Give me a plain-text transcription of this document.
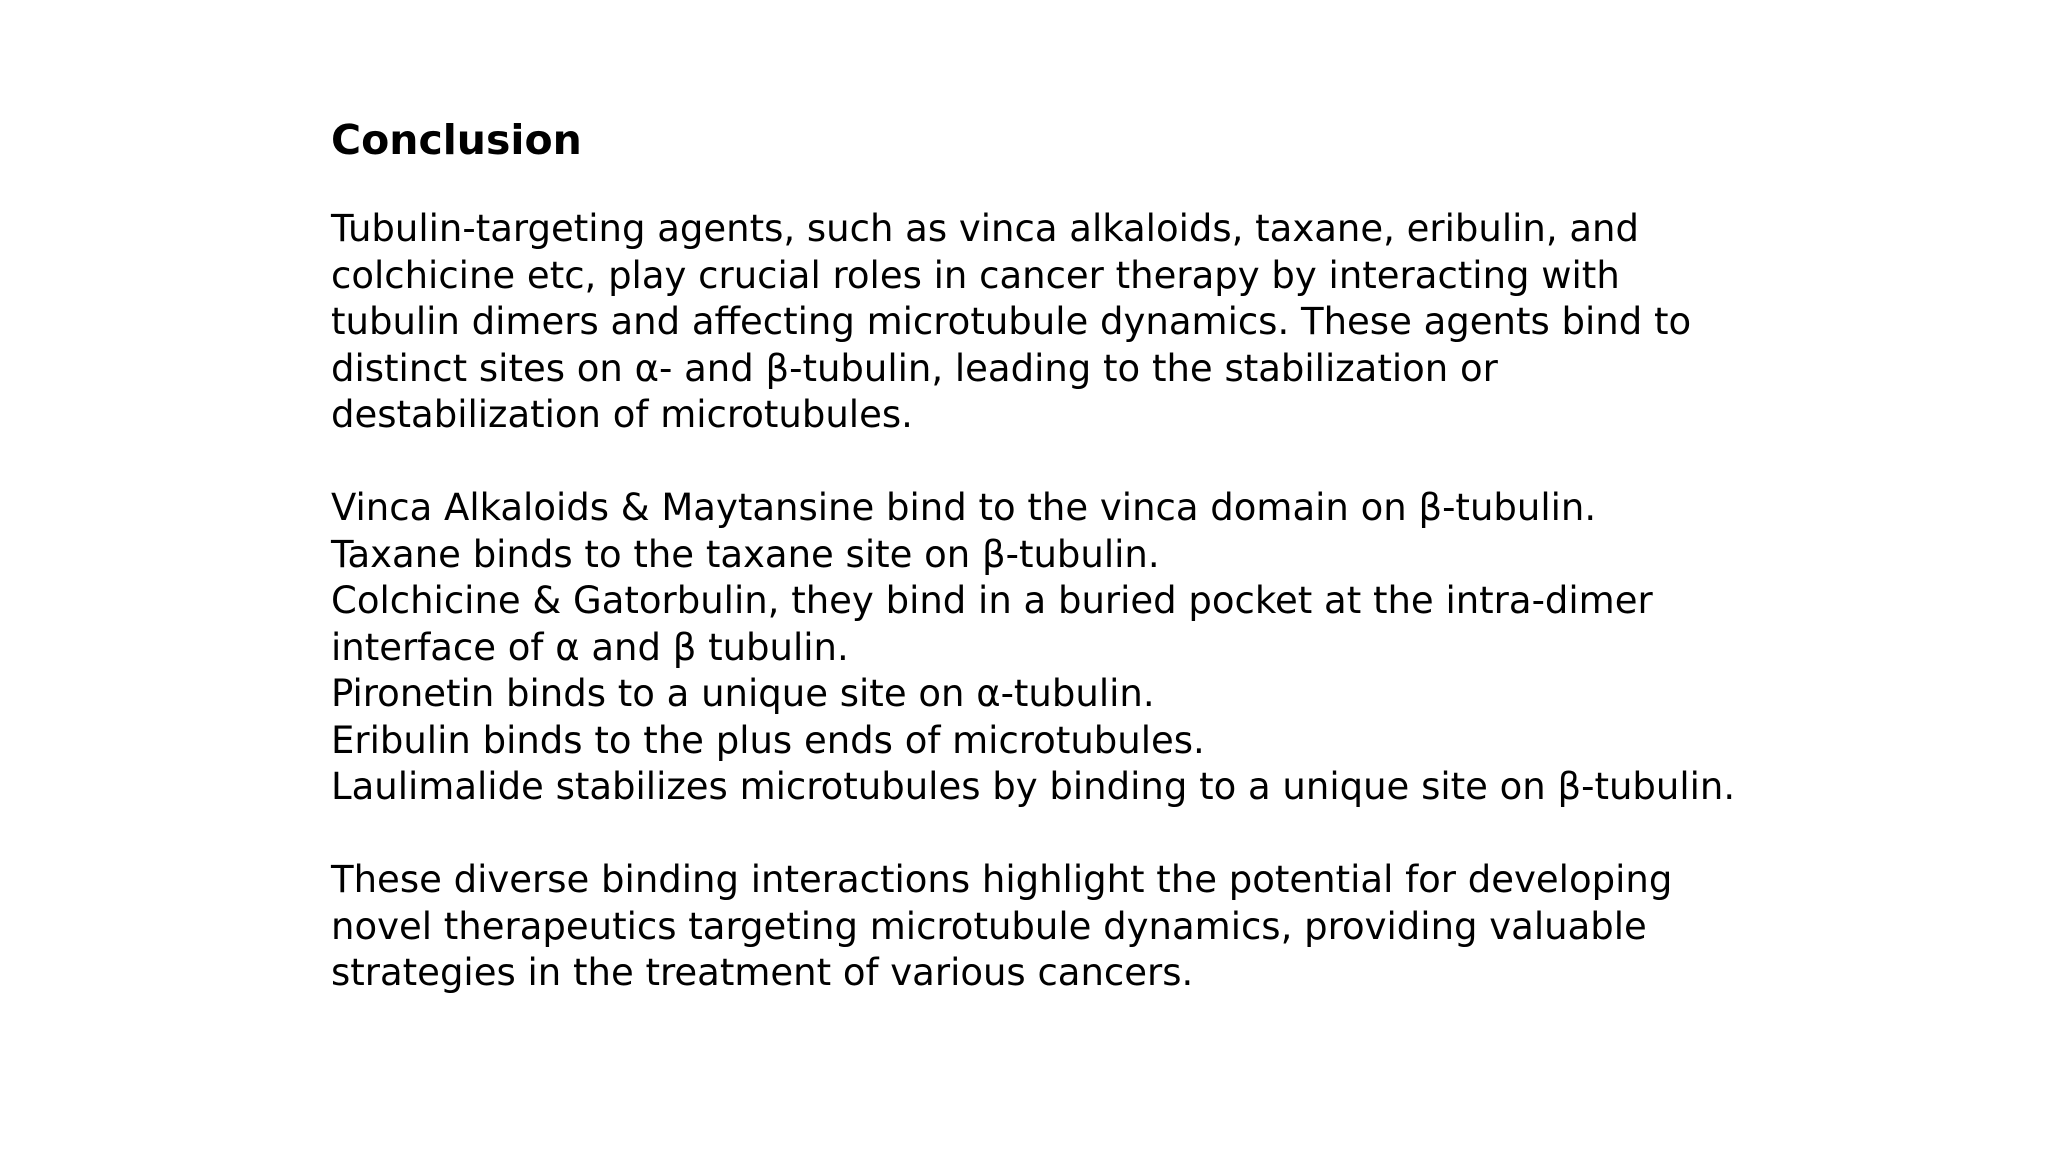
Conclusion

Tubulin-targeting agents, such as vinca alkaloids, taxane, eribulin, and colchicine etc, play crucial roles in cancer therapy by interacting with tubulin dimers and affecting microtubule dynamics. These agents bind to distinct sites on α- and β-tubulin, leading to the stabilization or destabilization of microtubules.

Vinca Alkaloids & Maytansine bind to the vinca domain on β-tubulin.
Taxane binds to the taxane site on β-tubulin.
Colchicine & Gatorbulin, they bind in a buried pocket at the intra-dimer interface of α and β tubulin.
Pironetin binds to a unique site on α-tubulin.
Eribulin binds to the plus ends of microtubules.
Laulimalide stabilizes microtubules by binding to a unique site on β-tubulin.

These diverse binding interactions highlight the potential for developing novel therapeutics targeting microtubule dynamics, providing valuable strategies in the treatment of various cancers.
